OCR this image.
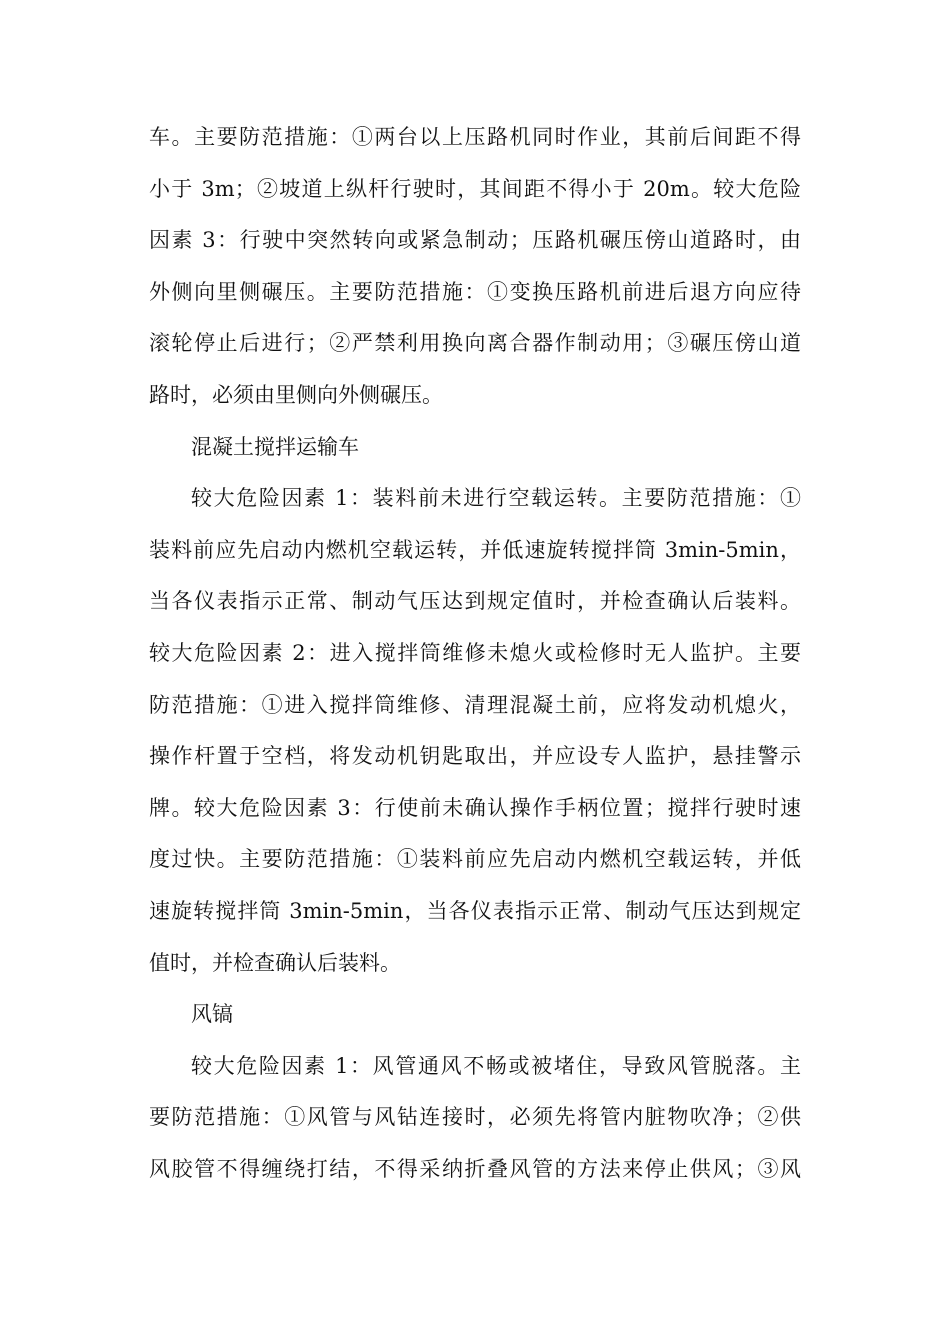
车。主要防范措施：①两台以上压路机同时作业，其前后间距不得
小于 3m；②坡道上纵杆行驶时，其间距不得小于 20m。较大危险
因素 3：行驶中突然转向或紧急制动；压路机碾压傍山道路时，由
外侧向里侧碾压。主要防范措施：①变换压路机前进后退方向应待
滚轮停止后进行；②严禁利用换向离合器作制动用；③碾压傍山道
路时，必须由里侧向外侧碾压。
混凝土搅拌运输车
较大危险因素 1：装料前未进行空载运转。主要防范措施：①
装料前应先启动内燃机空载运转，并低速旋转搅拌筒 3min-5min，
当各仪表指示正常、制动气压达到规定值时，并检查确认后装料。
较大危险因素 2：进入搅拌筒维修未熄火或检修时无人监护。主要
防范措施：①进入搅拌筒维修、清理混凝土前，应将发动机熄火，
操作杆置于空档，将发动机钥匙取出，并应设专人监护，悬挂警示
牌。较大危险因素 3：行使前未确认操作手柄位置；搅拌行驶时速
度过快。主要防范措施：①装料前应先启动内燃机空载运转，并低
速旋转搅拌筒 3min-5min，当各仪表指示正常、制动气压达到规定
值时，并检查确认后装料。
风镐
较大危险因素 1：风管通风不畅或被堵住，导致风管脱落。主
要防范措施：①风管与风钻连接时，必须先将管内脏物吹净；②供
风胶管不得缠绕打结，不得采纳折叠风管的方法来停止供风；③风
